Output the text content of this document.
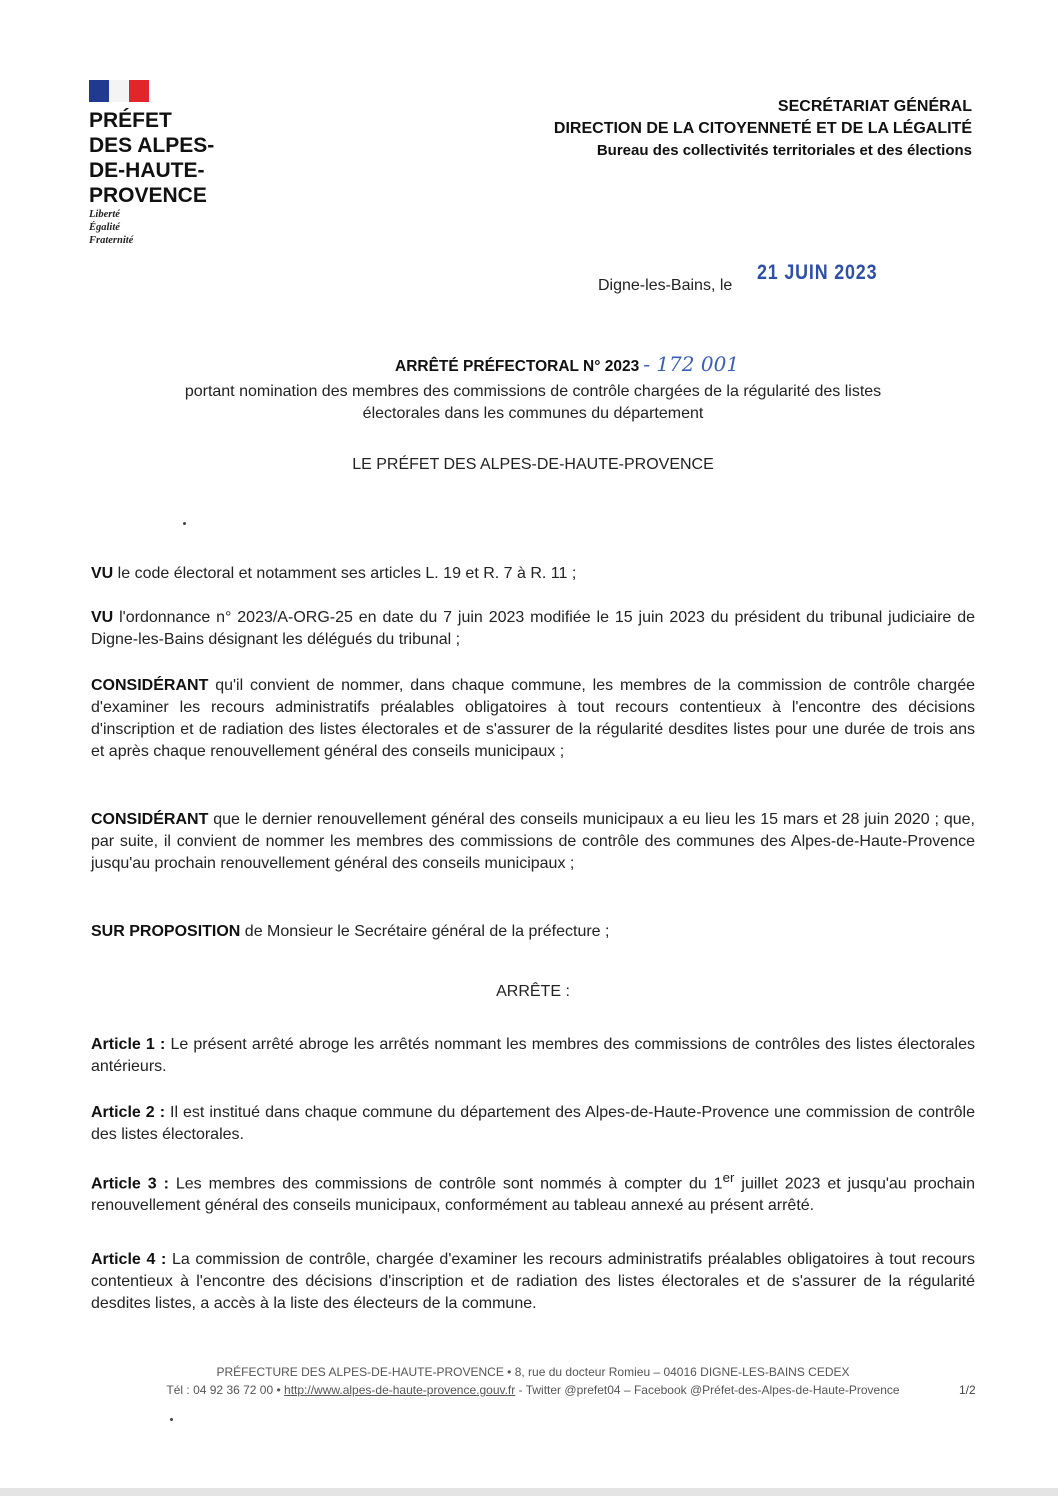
PRÉFET
DES ALPES-
DE-HAUTE-
PROVENCE
Liberté
Égalité
Fraternité
SECRÉTARIAT GÉNÉRAL
DIRECTION DE LA CITOYENNETÉ ET DE LA LÉGALITÉ
Bureau des collectivités territoriales et des élections
Digne-les-Bains, le
21 JUIN 2023
ARRÊTÉ PRÉFECTORAL N° 2023 - 172 001
portant nomination des membres des commissions de contrôle chargées de la régularité des listes
électorales dans les communes du département
LE PRÉFET DES ALPES-DE-HAUTE-PROVENCE
VU le code électoral et notamment ses articles L. 19 et R. 7 à R. 11 ;
VU l'ordonnance n° 2023/A-ORG-25 en date du 7 juin 2023 modifiée le 15 juin 2023 du président du tribunal judiciaire de Digne-les-Bains désignant les délégués du tribunal ;
CONSIDÉRANT qu'il convient de nommer, dans chaque commune, les membres de la commission de contrôle chargée d'examiner les recours administratifs préalables obligatoires à tout recours contentieux à l'encontre des décisions d'inscription et de radiation des listes électorales et de s'assurer de la régularité desdites listes pour une durée de trois ans et après chaque renouvellement général des conseils municipaux ;
CONSIDÉRANT que le dernier renouvellement général des conseils municipaux a eu lieu les 15 mars et 28 juin 2020 ; que, par suite, il convient de nommer les membres des commissions de contrôle des communes des Alpes-de-Haute-Provence jusqu'au prochain renouvellement général des conseils municipaux ;
SUR PROPOSITION de Monsieur le Secrétaire général de la préfecture ;
ARRÊTE :
Article 1 : Le présent arrêté abroge les arrêtés nommant les membres des commissions de contrôles des listes électorales antérieurs.
Article 2 : Il est institué dans chaque commune du département des Alpes-de-Haute-Provence une commission de contrôle des listes électorales.
Article 3 : Les membres des commissions de contrôle sont nommés à compter du 1er juillet 2023 et jusqu'au prochain renouvellement général des conseils municipaux, conformément au tableau annexé au présent arrêté.
Article 4 : La commission de contrôle, chargée d'examiner les recours administratifs préalables obligatoires à tout recours contentieux à l'encontre des décisions d'inscription et de radiation des listes électorales et de s'assurer de la régularité desdites listes, a accès à la liste des électeurs de la commune.
PRÉFECTURE DES ALPES-DE-HAUTE-PROVENCE • 8, rue du docteur Romieu – 04016 DIGNE-LES-BAINS CEDEX
Tél : 04 92 36 72 00 • http://www.alpes-de-haute-provence.gouv.fr - Twitter @prefet04 – Facebook @Préfet-des-Alpes-de-Haute-Provence	1/2
